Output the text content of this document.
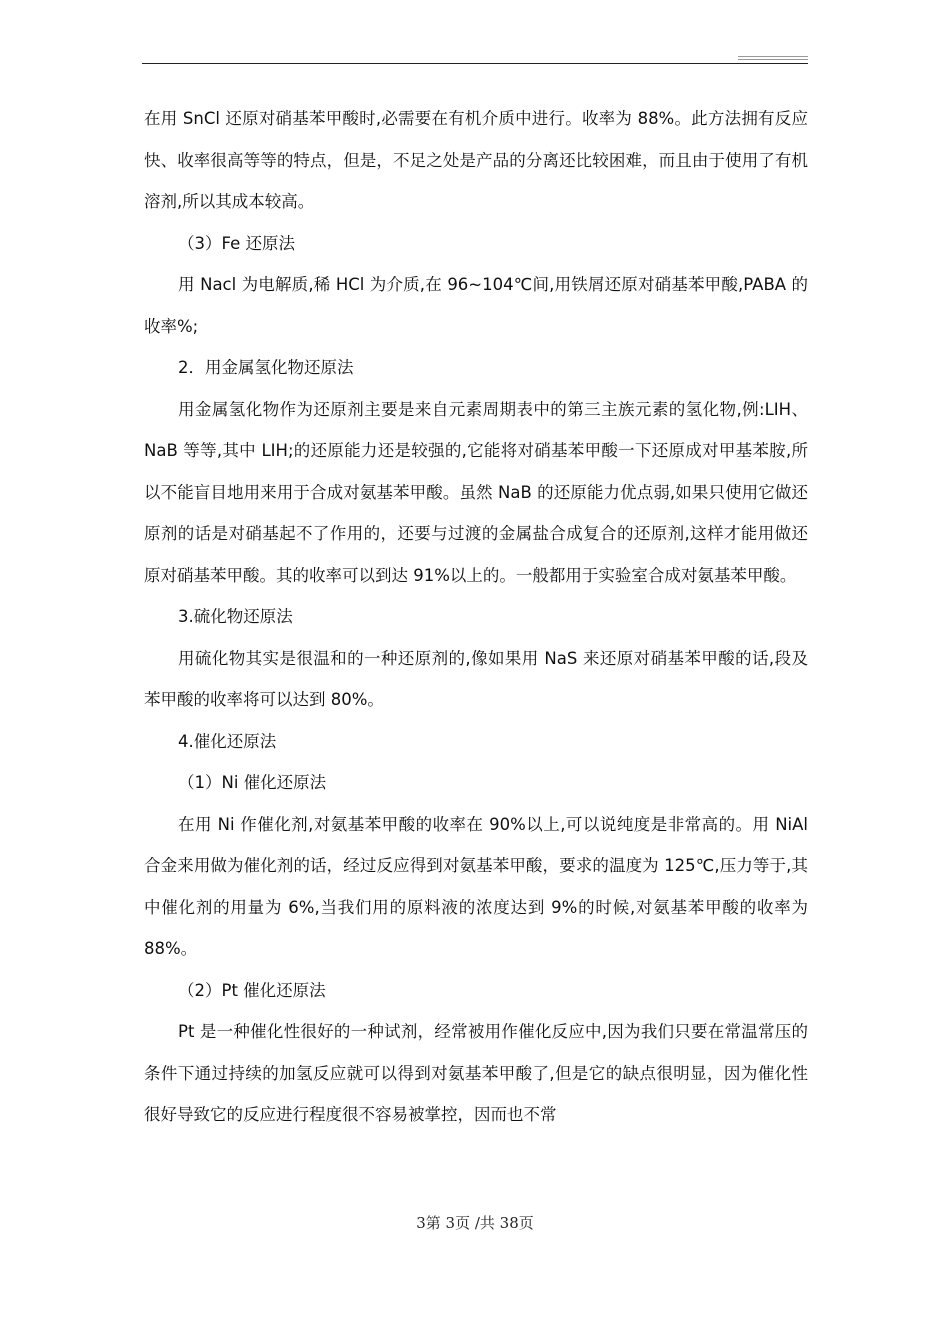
在用 SnCl 还原对硝基苯甲酸时,必需要在有机介质中进行。收率为 88%。此方法拥有反应快、收率很高等等的特点，但是，不足之处是产品的分离还比较困难，而且由于使用了有机溶剂,所以其成本较高。

（3）Fe 还原法

用 Nacl 为电解质,稀 HCl 为介质,在 96~104℃间,用铁屑还原对硝基苯甲酸,PABA 的收率%;

2．用金属氢化物还原法

用金属氢化物作为还原剂主要是来自元素周期表中的第三主族元素的氢化物,例:LIH、NaB 等等,其中 LIH;的还原能力还是较强的,它能将对硝基苯甲酸一下还原成对甲基苯胺,所以不能盲目地用来用于合成对氨基苯甲酸。虽然 NaB 的还原能力优点弱,如果只使用它做还原剂的话是对硝基起不了作用的，还要与过渡的金属盐合成复合的还原剂,这样才能用做还原对硝基苯甲酸。其的收率可以到达 91%以上的。一般都用于实验室合成对氨基苯甲酸。

3.硫化物还原法

用硫化物其实是很温和的一种还原剂的,像如果用 NaS 来还原对硝基苯甲酸的话,段及苯甲酸的收率将可以达到 80%。

4.催化还原法

（1）Ni 催化还原法

在用 Ni 作催化剂,对氨基苯甲酸的收率在 90%以上,可以说纯度是非常高的。用 NiAl 合金来用做为催化剂的话，经过反应得到对氨基苯甲酸，要求的温度为 125℃,压力等于,其中催化剂的用量为 6%,当我们用的原料液的浓度达到 9%的时候,对氨基苯甲酸的收率为 88%。

（2）Pt 催化还原法

Pt 是一种催化性很好的一种试剂，经常被用作催化反应中,因为我们只要在常温常压的条件下通过持续的加氢反应就可以得到对氨基苯甲酸了,但是它的缺点很明显，因为催化性很好导致它的反应进行程度很不容易被掌控，因而也不常

3第 3页 /共 38页
